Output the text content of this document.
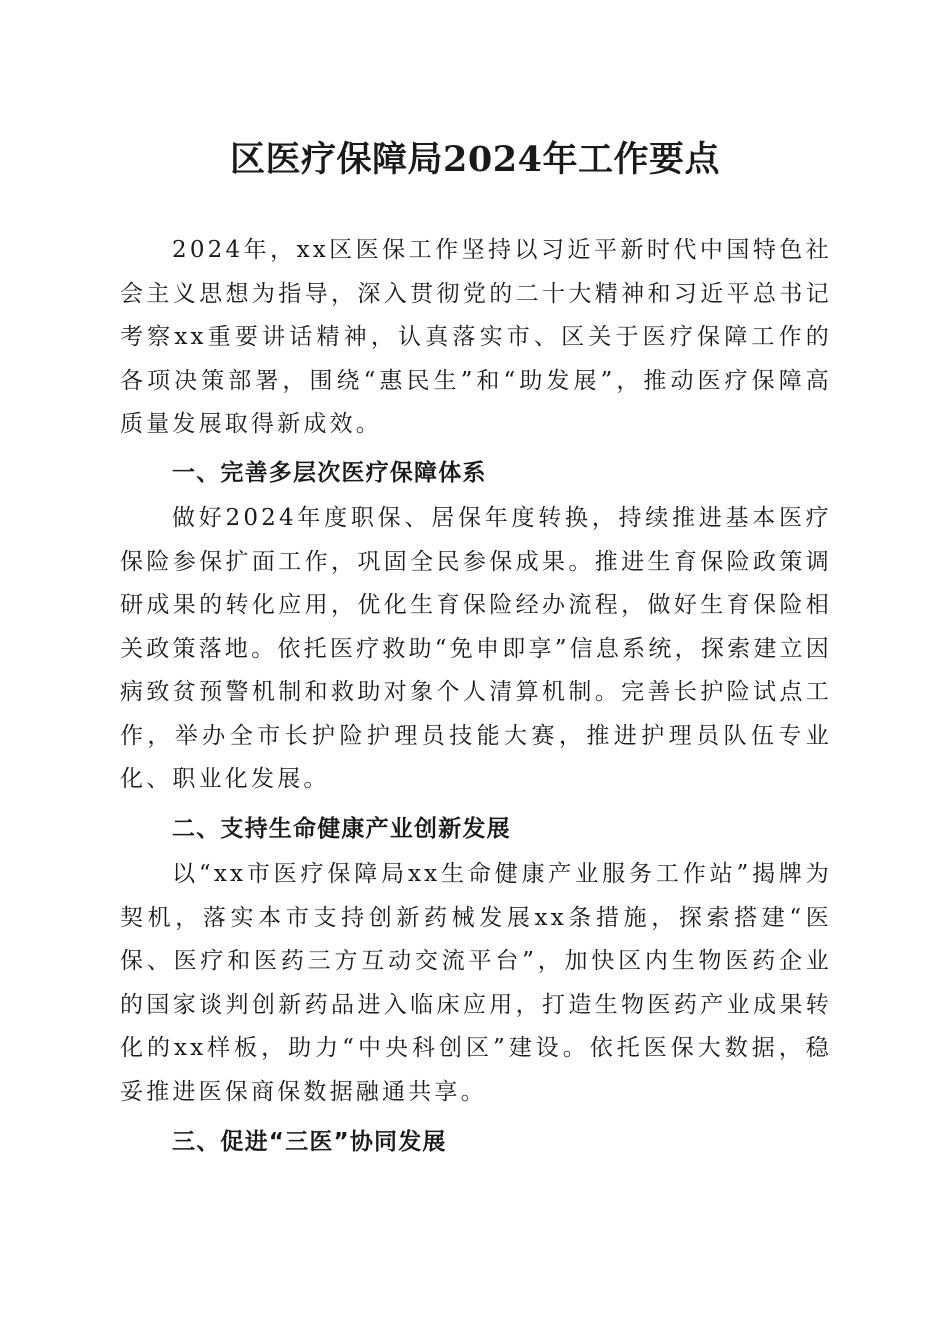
区医疗保障局2024年工作要点

2024年，xx区医保工作坚持以习近平新时代中国特色社会主义思想为指导，深入贯彻党的二十大精神和习近平总书记考察xx重要讲话精神，认真落实市、区关于医疗保障工作的各项决策部署，围绕“惠民生”和“助发展”，推动医疗保障高质量发展取得新成效。

一、完善多层次医疗保障体系

做好2024年度职保、居保年度转换，持续推进基本医疗保险参保扩面工作，巩固全民参保成果。推进生育保险政策调研成果的转化应用，优化生育保险经办流程，做好生育保险相关政策落地。依托医疗救助“免申即享”信息系统，探索建立因病致贫预警机制和救助对象个人清算机制。完善长护险试点工作，举办全市长护险护理员技能大赛，推进护理员队伍专业化、职业化发展。

二、支持生命健康产业创新发展

以“xx市医疗保障局xx生命健康产业服务工作站”揭牌为契机，落实本市支持创新药械发展xx条措施，探索搭建“医保、医疗和医药三方互动交流平台”，加快区内生物医药企业的国家谈判创新药品进入临床应用，打造生物医药产业成果转化的xx样板，助力“中央科创区”建设。依托医保大数据，稳妥推进医保商保数据融通共享。

三、促进“三医”协同发展
